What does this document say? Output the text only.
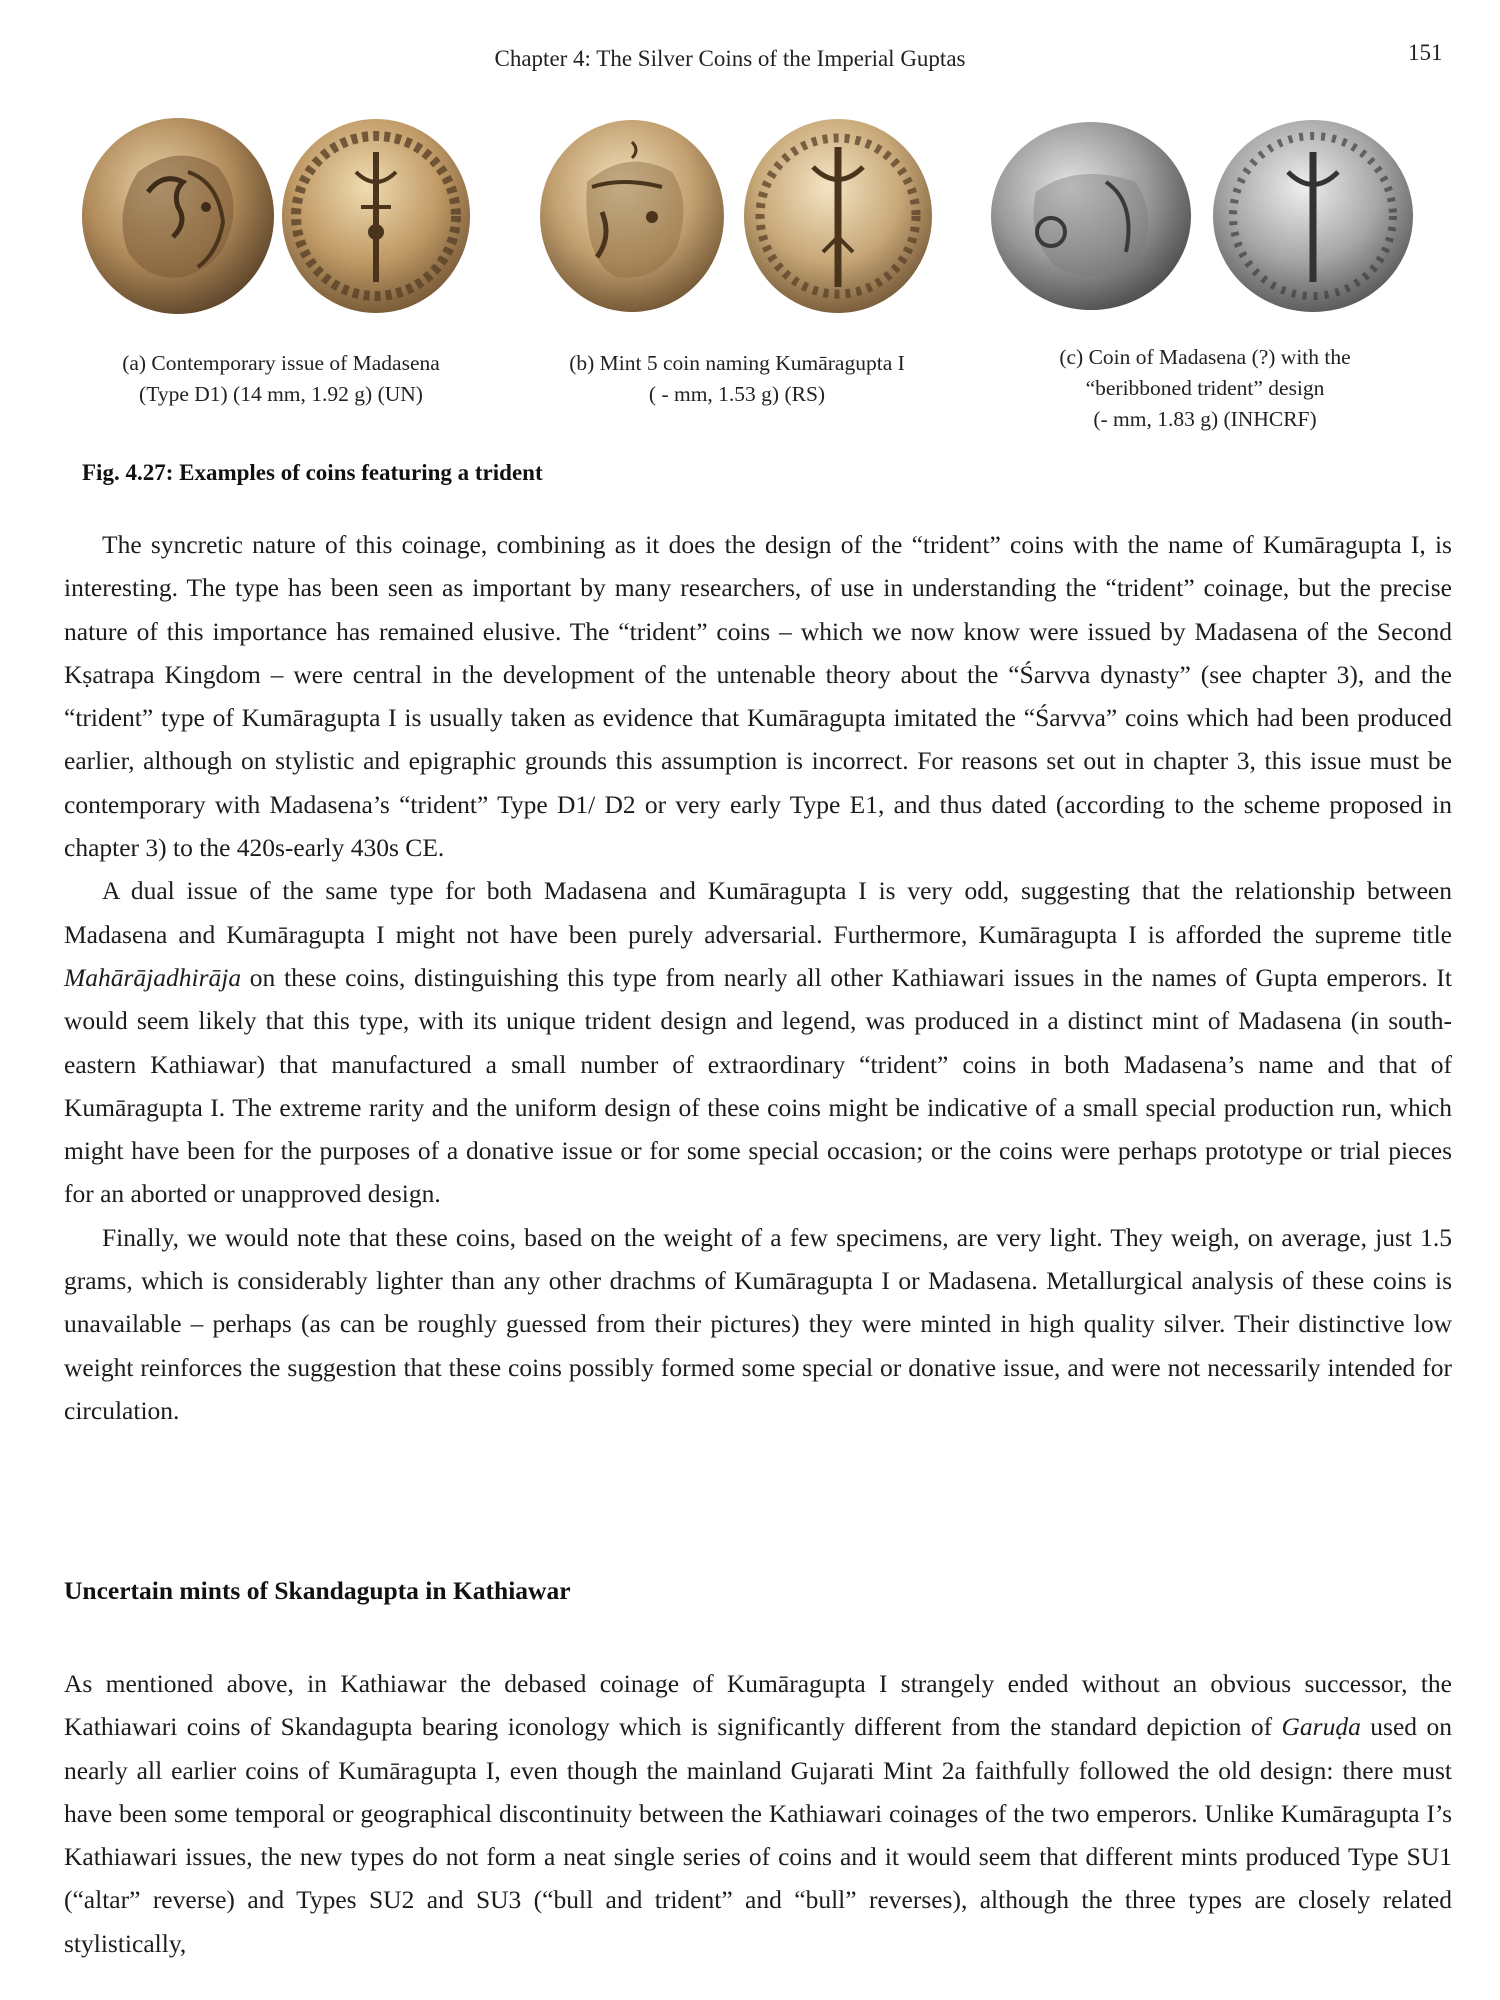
Chapter 4: The Silver Coins of the Imperial Guptas	151
(a) Contemporary issue of Madasena
(Type D1) (14 mm, 1.92 g) (UN)
(b) Mint 5 coin naming Kumāragupta I
( - mm, 1.53 g) (RS)
(c) Coin of Madasena (?) with the
“beribboned trident” design
(- mm, 1.83 g) (INHCRF)
Fig. 4.27: Examples of coins featuring a trident

The syncretic nature of this coinage, combining as it does the design of the “trident” coins with the name of Kumāragupta I, is interesting. The type has been seen as important by many researchers, of use in understanding the “trident” coinage, but the precise nature of this importance has remained elusive. The “trident” coins – which we now know were issued by Madasena of the Second Kṣatrapa Kingdom – were central in the development of the untenable theory about the “Śarvva dynasty” (see chapter 3), and the “trident” type of Kumāragupta I is usually taken as evidence that Kumāragupta imitated the “Śarvva” coins which had been produced earlier, although on stylistic and epigraphic grounds this assumption is incorrect. For reasons set out in chapter 3, this issue must be contemporary with Madasena’s “trident” Type D1/ D2 or very early Type E1, and thus dated (according to the scheme proposed in chapter 3) to the 420s-early 430s CE.

A dual issue of the same type for both Madasena and Kumāragupta I is very odd, suggesting that the relationship between Madasena and Kumāragupta I might not have been purely adversarial. Furthermore, Kumāragupta I is afforded the supreme title Mahārājadhirāja on these coins, distinguishing this type from nearly all other Kathiawari issues in the names of Gupta emperors. It would seem likely that this type, with its unique trident design and legend, was produced in a distinct mint of Madasena (in south-eastern Kathiawar) that manufactured a small number of extraordinary “trident” coins in both Madasena’s name and that of Kumāragupta I. The extreme rarity and the uniform design of these coins might be indicative of a small special production run, which might have been for the purposes of a donative issue or for some special occasion; or the coins were perhaps prototype or trial pieces for an aborted or unapproved design.

Finally, we would note that these coins, based on the weight of a few specimens, are very light. They weigh, on average, just 1.5 grams, which is considerably lighter than any other drachms of Kumāragupta I or Madasena. Metallurgical analysis of these coins is unavailable – perhaps (as can be roughly guessed from their pictures) they were minted in high quality silver. Their distinctive low weight reinforces the suggestion that these coins possibly formed some special or donative issue, and were not necessarily intended for circulation.

Uncertain mints of Skandagupta in Kathiawar

As mentioned above, in Kathiawar the debased coinage of Kumāragupta I strangely ended without an obvious successor, the Kathiawari coins of Skandagupta bearing iconology which is significantly different from the standard depiction of Garuḍa used on nearly all earlier coins of Kumāragupta I, even though the mainland Gujarati Mint 2a faithfully followed the old design: there must have been some temporal or geographical discontinuity between the Kathiawari coinages of the two emperors. Unlike Kumāragupta I’s Kathiawari issues, the new types do not form a neat single series of coins and it would seem that different mints produced Type SU1 (“altar” reverse) and Types SU2 and SU3 (“bull and trident” and “bull” reverses), although the three types are closely related stylistically,
